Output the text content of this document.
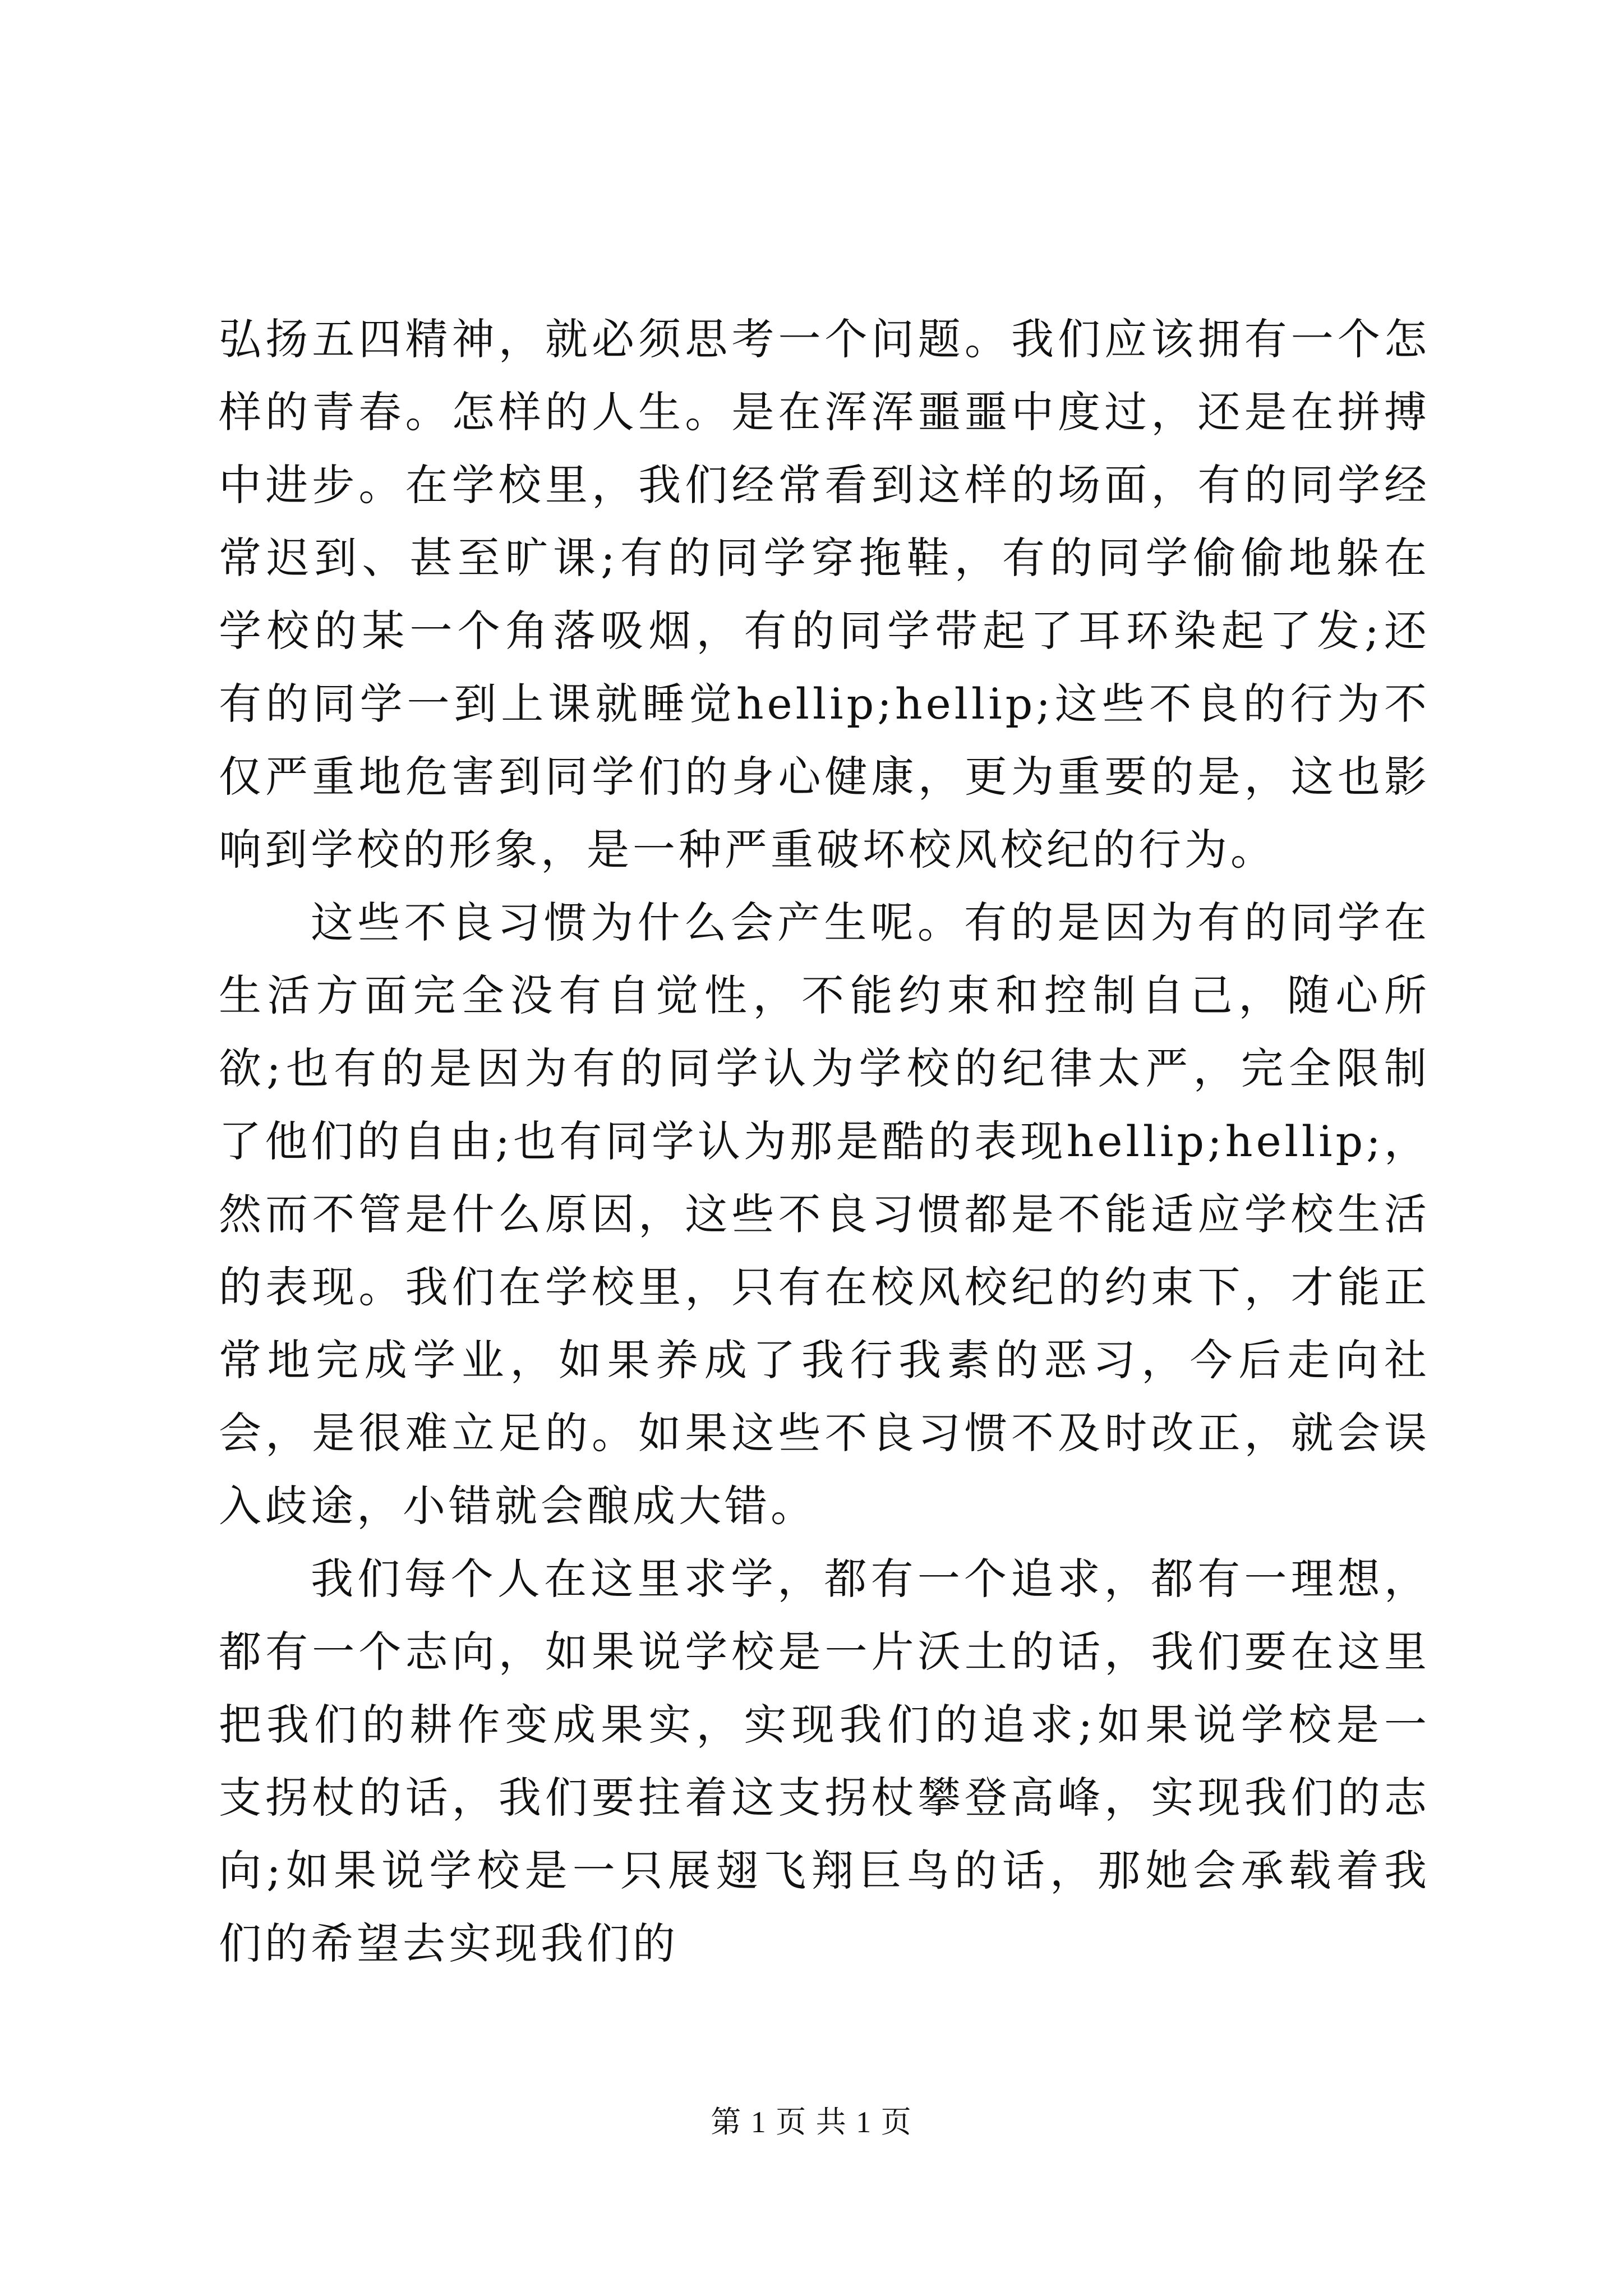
弘扬五四精神，就必须思考一个问题。我们应该拥有一个怎样的青春。怎样的人生。是在浑浑噩噩中度过，还是在拼搏中进步。在学校里，我们经常看到这样的场面，有的同学经常迟到、甚至旷课;有的同学穿拖鞋，有的同学偷偷地躲在学校的某一个角落吸烟，有的同学带起了耳环染起了发;还有的同学一到上课就睡觉hellip;hellip;这些不良的行为不仅严重地危害到同学们的身心健康，更为重要的是，这也影响到学校的形象，是一种严重破坏校风校纪的行为。

这些不良习惯为什么会产生呢。有的是因为有的同学在生活方面完全没有自觉性，不能约束和控制自己，随心所欲;也有的是因为有的同学认为学校的纪律太严，完全限制了他们的自由;也有同学认为那是酷的表现hellip;hellip;，然而不管是什么原因，这些不良习惯都是不能适应学校生活的表现。我们在学校里，只有在校风校纪的约束下，才能正常地完成学业，如果养成了我行我素的恶习，今后走向社会，是很难立足的。如果这些不良习惯不及时改正，就会误入歧途，小错就会酿成大错。

我们每个人在这里求学，都有一个追求，都有一理想，都有一个志向，如果说学校是一片沃土的话，我们要在这里把我们的耕作变成果实，实现我们的追求;如果说学校是一支拐杖的话，我们要拄着这支拐杖攀登高峰，实现我们的志向;如果说学校是一只展翅飞翔巨鸟的话，那她会承载着我们的希望去实现我们的

第 1 页 共 1 页
